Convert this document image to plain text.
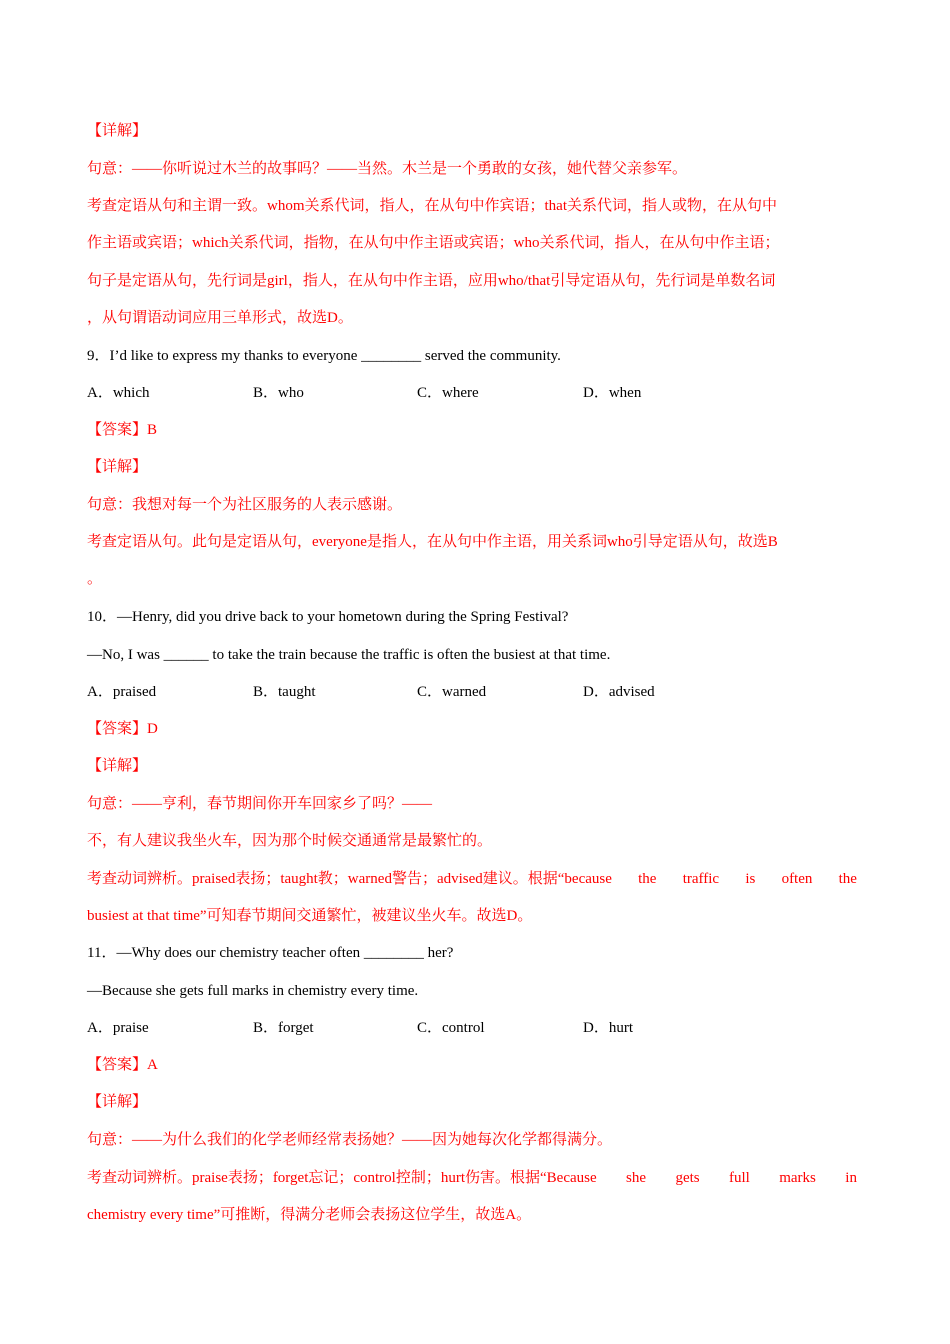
【详解】
句意：——你听说过木兰的故事吗？——当然。木兰是一个勇敢的女孩，她代替父亲参军。
考查定语从句和主谓一致。whom关系代词，指人，在从句中作宾语；that关系代词，指人或物，在从句中
作主语或宾语；which关系代词，指物，在从句中作主语或宾语；who关系代词，指人，在从句中作主语；
句子是定语从句，先行词是girl，指人，在从句中作主语，应用who/that引导定语从句，先行词是单数名词
，从句谓语动词应用三单形式，故选D。
9．I’d like to express my thanks to everyone ________ served the community.
A．which	B．who	C．where	D．when
【答案】B
【详解】
句意：我想对每一个为社区服务的人表示感谢。
考查定语从句。此句是定语从句，everyone是指人，在从句中作主语，用关系词who引导定语从句，故选B
。
10．—Henry, did you drive back to your hometown during the Spring Festival?
—No, I was ______ to take the train because the traffic is often the busiest at that time.
A．praised	B．taught	C．warned	D．advised
【答案】D
【详解】
句意：——亨利，春节期间你开车回家乡了吗？——
不，有人建议我坐火车，因为那个时候交通通常是最繁忙的。
考查动词辨析。praised表扬；taught教；warned警告；advised建议。根据“because the traffic is often the
busiest at that time”可知春节期间交通繁忙，被建议坐火车。故选D。
11．—Why does our chemistry teacher often ________ her?
—Because she gets full marks in chemistry every time.
A．praise	B．forget	C．control	D．hurt
【答案】A
【详解】
句意：——为什么我们的化学老师经常表扬她？——因为她每次化学都得满分。
考查动词辨析。praise表扬；forget忘记；control控制；hurt伤害。根据“Because she gets full marks in
chemistry every time”可推断，得满分老师会表扬这位学生，故选A。
